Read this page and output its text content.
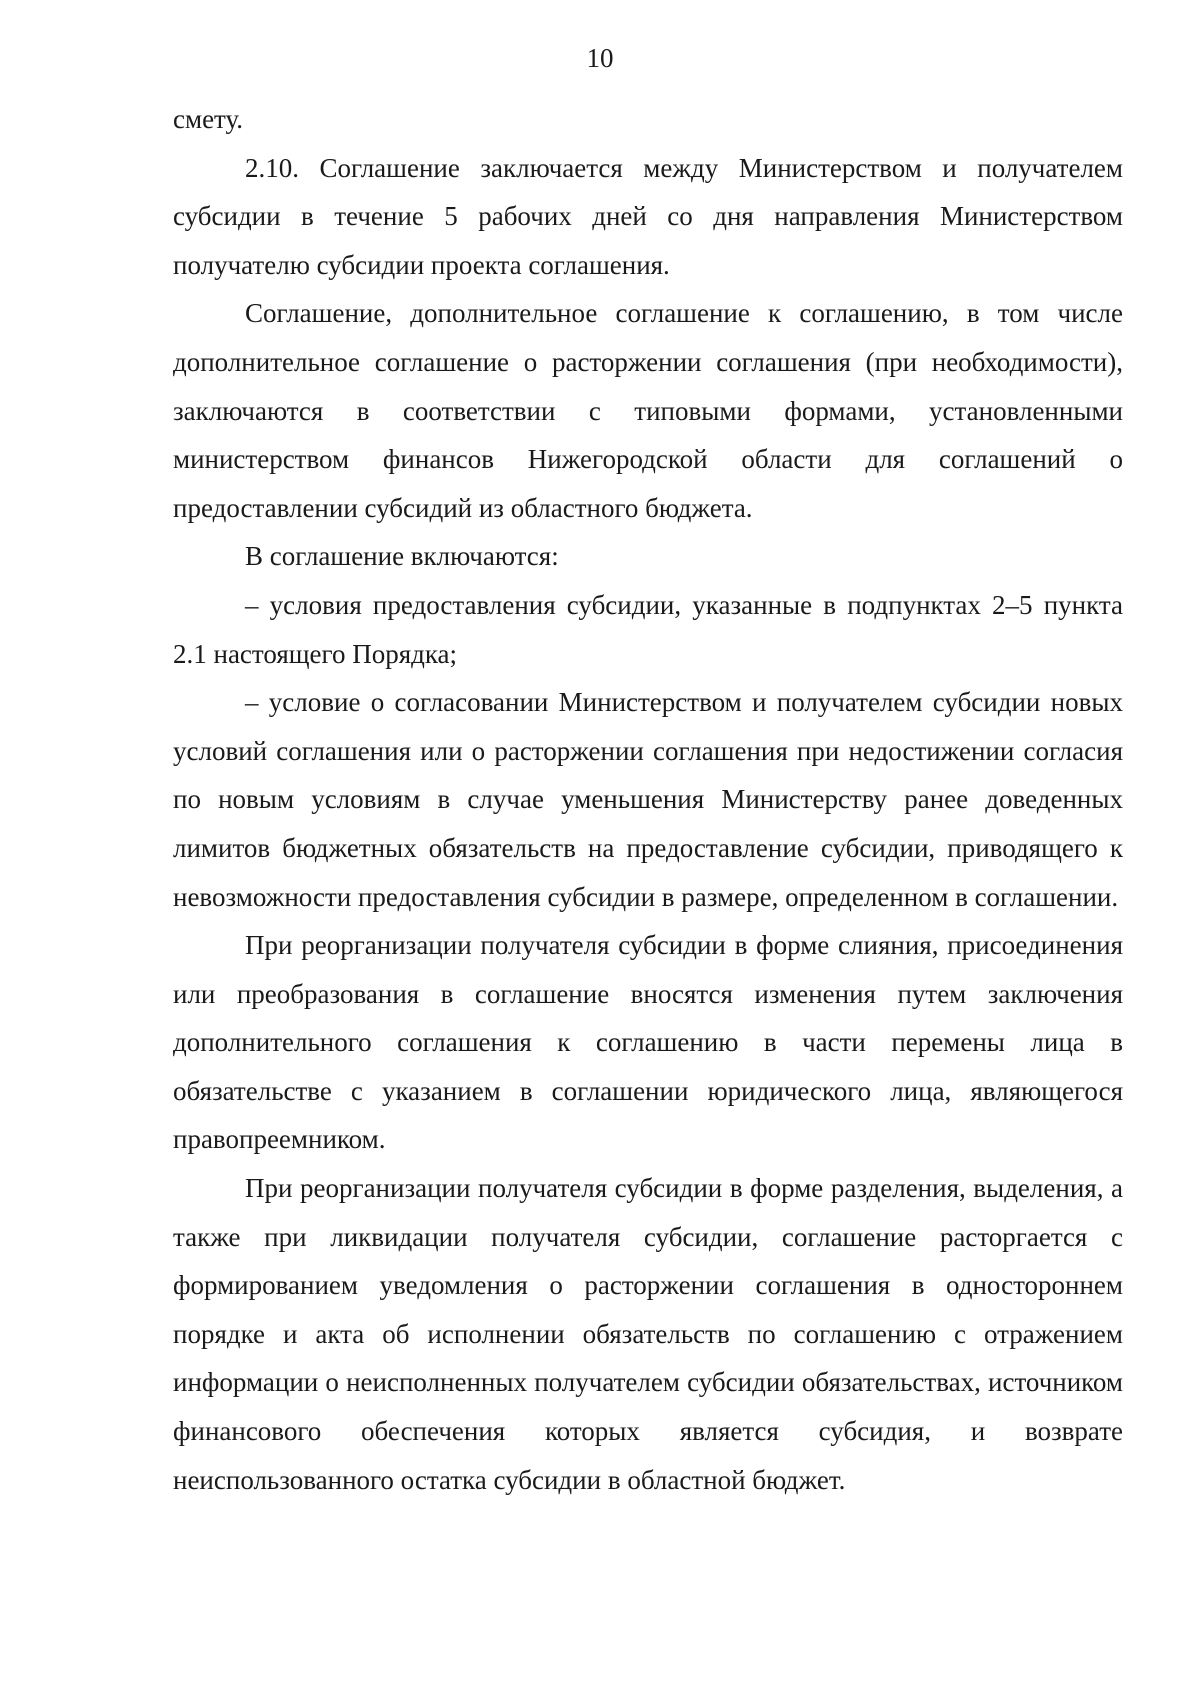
10

смету.

2.10. Соглашение заключается между Министерством и получателем субсидии в течение 5 рабочих дней со дня направления Министерством получателю субсидии проекта соглашения.

Соглашение, дополнительное соглашение к соглашению, в том числе дополнительное соглашение о расторжении соглашения (при необходимости), заключаются в соответствии с типовыми формами, установленными министерством финансов Нижегородской области для соглашений о предоставлении субсидий из областного бюджета.

В соглашение включаются:

– условия предоставления субсидии, указанные в подпунктах 2–5 пункта 2.1 настоящего Порядка;

– условие о согласовании Министерством и получателем субсидии новых условий соглашения или о расторжении соглашения при недостижении согласия по новым условиям в случае уменьшения Министерству ранее доведенных лимитов бюджетных обязательств на предоставление субсидии, приводящего к невозможности предоставления субсидии в размере, определенном в соглашении.

При реорганизации получателя субсидии в форме слияния, присоединения или преобразования в соглашение вносятся изменения путем заключения дополнительного соглашения к соглашению в части перемены лица в обязательстве с указанием в соглашении юридического лица, являющегося правопреемником.

При реорганизации получателя субсидии в форме разделения, выделения, а также при ликвидации получателя субсидии, соглашение расторгается с формированием уведомления о расторжении соглашения в одностороннем порядке и акта об исполнении обязательств по соглашению с отражением информации о неисполненных получателем субсидии обязательствах, источником финансового обеспечения которых является субсидия, и возврате неиспользованного остатка субсидии в областной бюджет.
